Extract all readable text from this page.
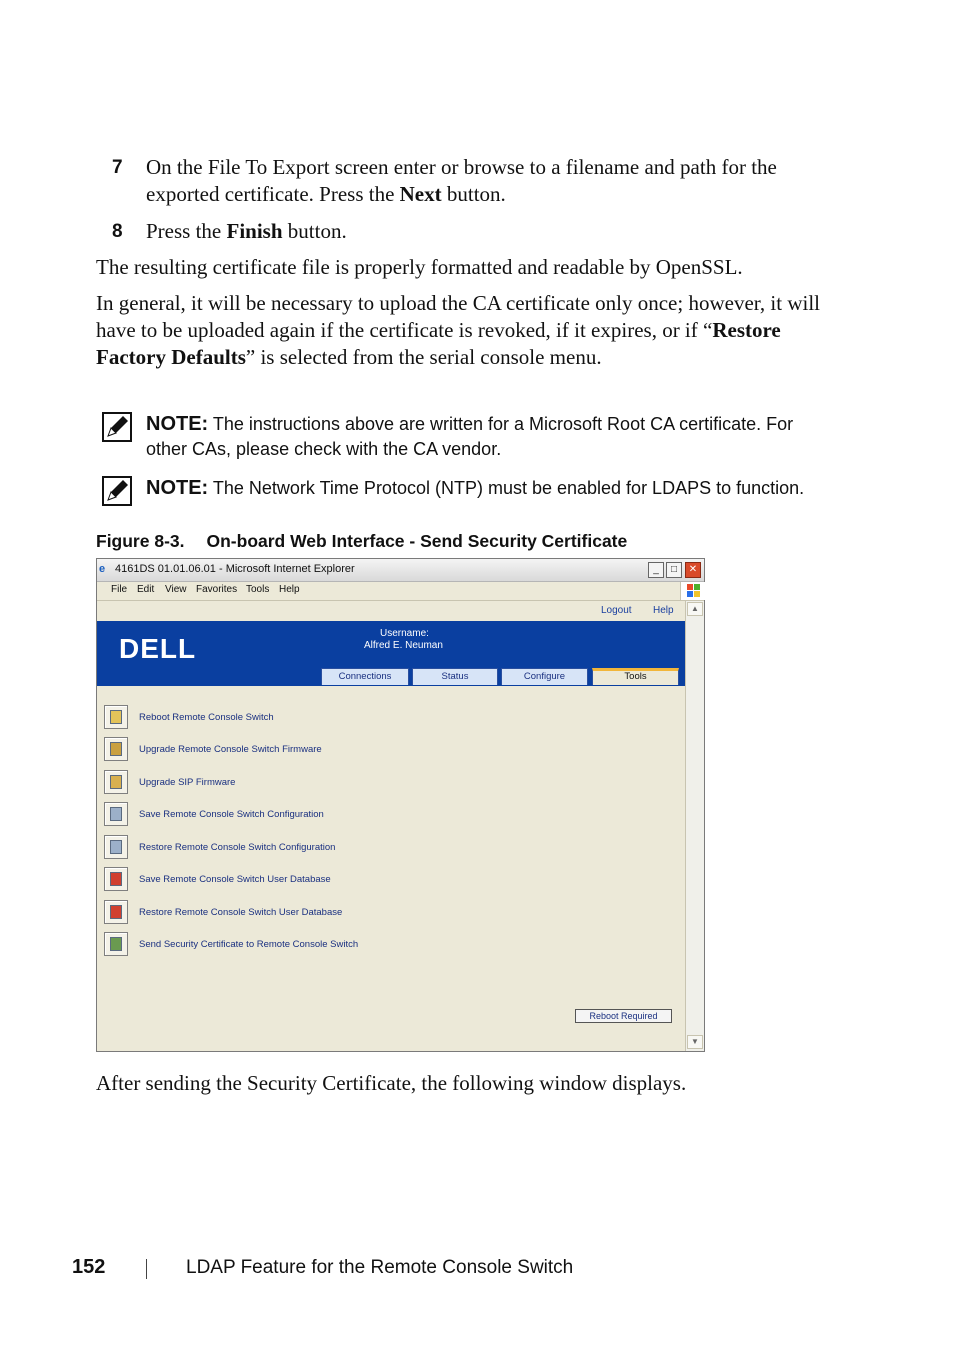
7 On the File To Export screen enter or browse to a filename and path for the exported certificate. Press the Next button.
8 Press the Finish button.
The resulting certificate file is properly formatted and readable by OpenSSL.
In general, it will be necessary to upload the CA certificate only once; however, it will have to be uploaded again if the certificate is revoked, if it expires, or if “Restore Factory Defaults” is selected from the serial console menu.
NOTE: The instructions above are written for a Microsoft Root CA certificate. For other CAs, please check with the CA vendor.
NOTE: The Network Time Protocol (NTP) must be enabled for LDAPS to function.
Figure 8-3. On-board Web Interface - Send Security Certificate
e 4161DS 01.01.06.01 - Microsoft Internet Explorer	_	□	✕
File Edit View Favorites Tools Help
Logout Help
DELL	Username:
Alfred E. Neuman
Connections	Status	Configure	Tools
Reboot Remote Console Switch
Upgrade Remote Console Switch Firmware
Upgrade SIP Firmware
Save Remote Console Switch Configuration
Restore Remote Console Switch Configuration
Save Remote Console Switch User Database
Restore Remote Console Switch User Database
Send Security Certificate to Remote Console Switch
Reboot Required
▲
▼
After sending the Security Certificate, the following window displays.
152	LDAP Feature for the Remote Console Switch
